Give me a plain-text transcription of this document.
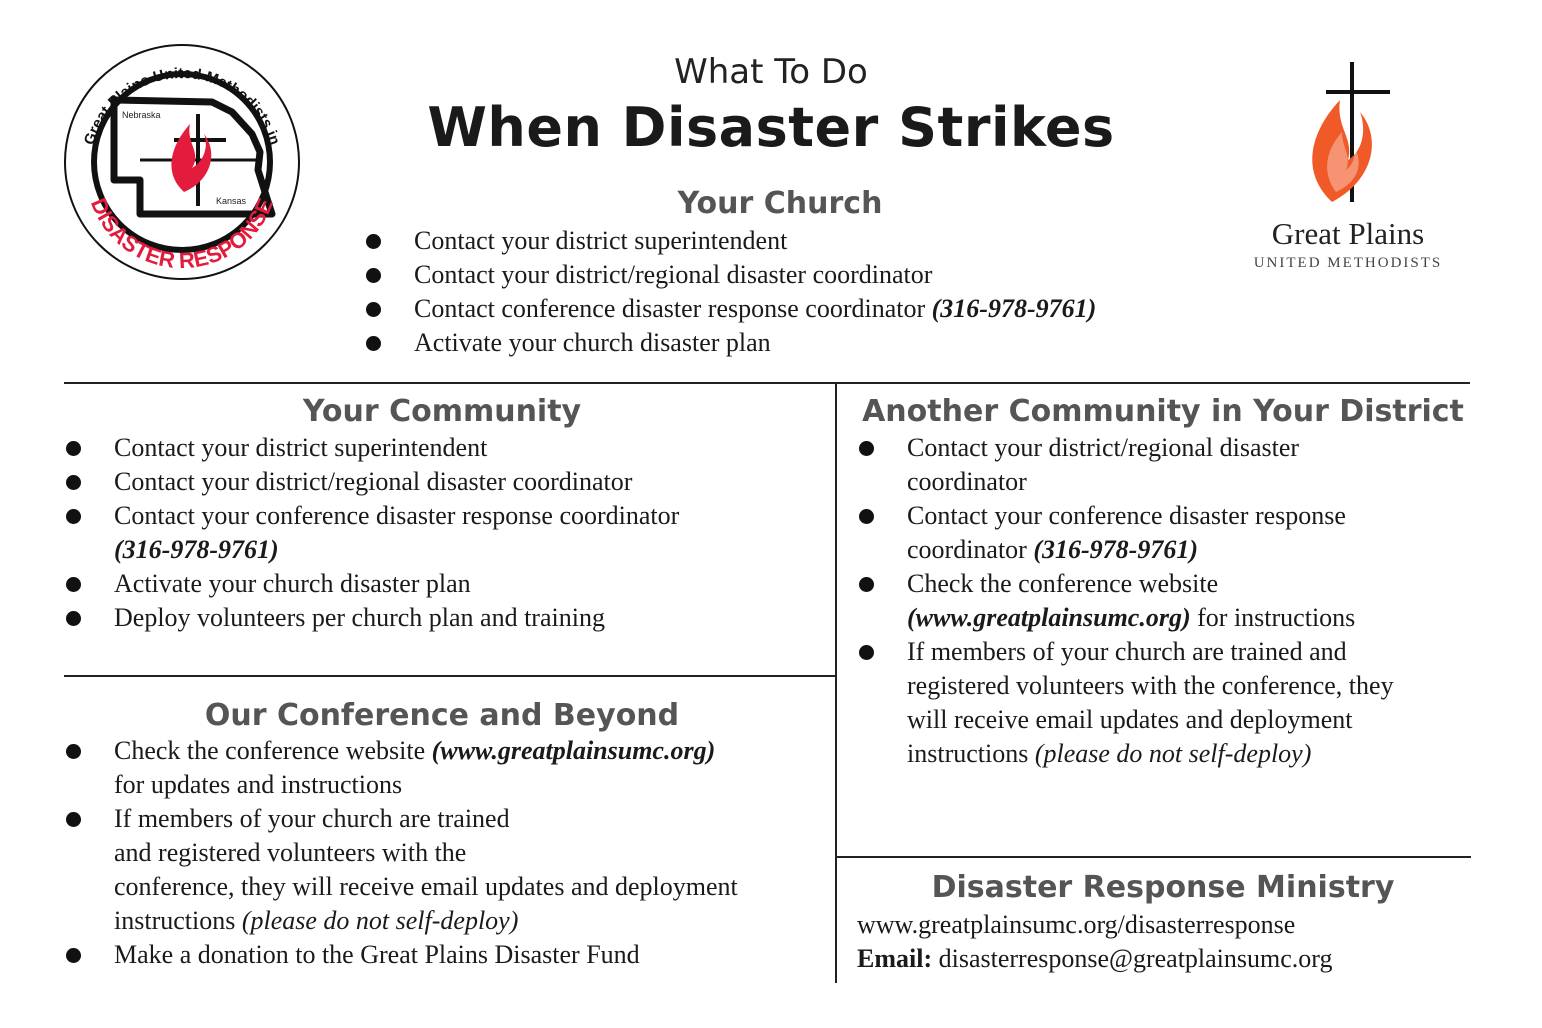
Nebraska
Kansas
Great Plains United Methodists in
DISASTER RESPONSE
Great Plains
UNITED METHODISTS
What To Do
When Disaster Strikes
Your Church
Contact your district superintendent
Contact your district/regional disaster coordinator
Contact conference disaster response coordinator (316-978-9761)
Activate your church disaster plan
Your Community
Contact your district superintendent
Contact your district/regional disaster coordinator
Contact your conference disaster response coordinator
(316-978-9761)
Activate your church disaster plan
Deploy volunteers per church plan and training
Another Community in Your District
Contact your district/regional disaster coordinator
Contact your conference disaster response coordinator (316-978-9761)
Check the conference website
(www.greatplainsumc.org) for instructions
If members of your church are trained and registered volunteers with the conference, they will receive email updates and deployment instructions (please do not self-deploy)
Our Conference and Beyond
Check the conference website (www.greatplainsumc.org)
for updates and instructions
If members of your church are trained
and registered volunteers with the
conference, they will receive email updates and deployment
instructions (please do not self-deploy)
Make a donation to the Great Plains Disaster Fund
Disaster Response Ministry
www.greatplainsumc.org/disasterresponse
Email: disasterresponse@greatplainsumc.org
